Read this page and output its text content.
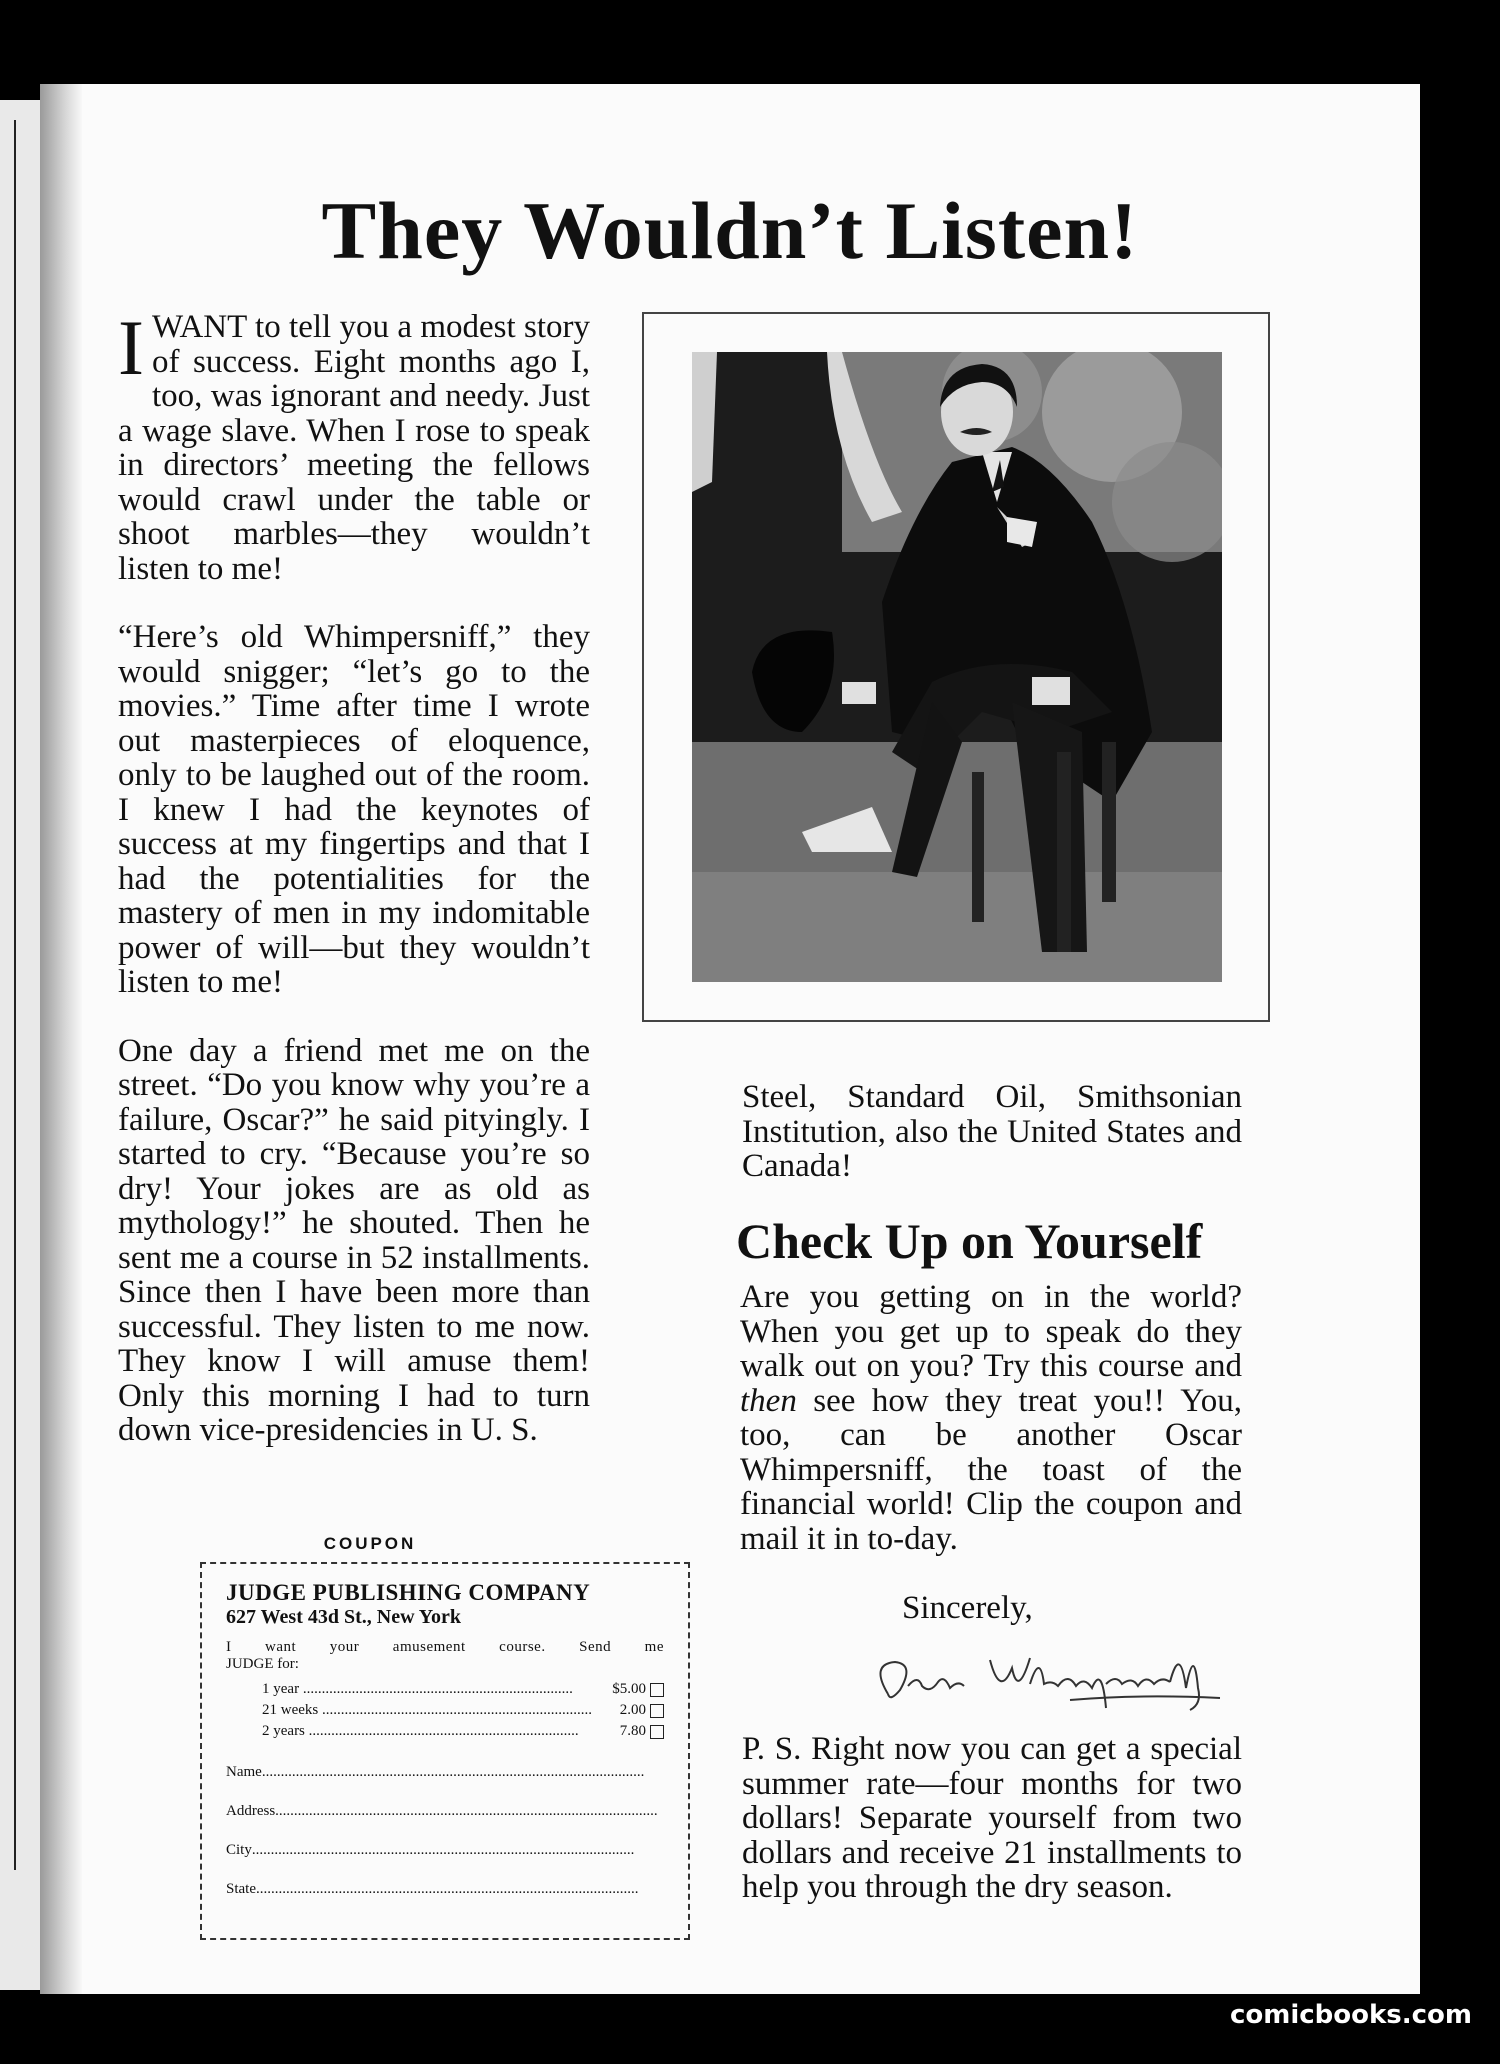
They Wouldn’t Listen!

IWANT to tell you a modest story of success. Eight months ago I, too, was ignorant and needy. Just a wage slave. When I rose to speak in directors’ meeting the fellows would crawl under the table or shoot marbles—they wouldn’t listen to me!

“Here’s old Whimpersniff,” they would snigger; “let’s go to the movies.” Time after time I wrote out masterpieces of eloquence, only to be laughed out of the room. I knew I had the keynotes of success at my fingertips and that I had the potentialities for the mastery of men in my indomitable power of will—but they wouldn’t listen to me!

One day a friend met me on the street. “Do you know why you’re a failure, Oscar?” he said pityingly. I started to cry. “Because you’re so dry! Your jokes are as old as mythology!” he shouted. Then he sent me a course in 52 installments. Since then I have been more than successful. They listen to me now. They know I will amuse them! Only this morning I had to turn down vice-presidencies in U. S.

Steel, Standard Oil, Smithsonian Institution, also the United States and Canada!

Check Up on Yourself

Are you getting on in the world? When you get up to speak do they walk out on you? Try this course and then see how they treat you!! You, too, can be another Oscar Whimpersniff, the toast of the financial world! Clip the coupon and mail it in to-day.

Sincerely,

P. S. Right now you can get a special summer rate—four months for two dollars! Separate yourself from two dollars and receive 21 installments to help you through the dry season.

COUPON

JUDGE PUBLISHING COMPANY

627 West 43d St., New York

I want your amusement course. Send me

JUDGE for:

1 year .....	$5.00
21 weeks .....	2.00
2 years .....	7.80
Name
.....
Address
.....
City
.....
State
.....
comicbooks.com
